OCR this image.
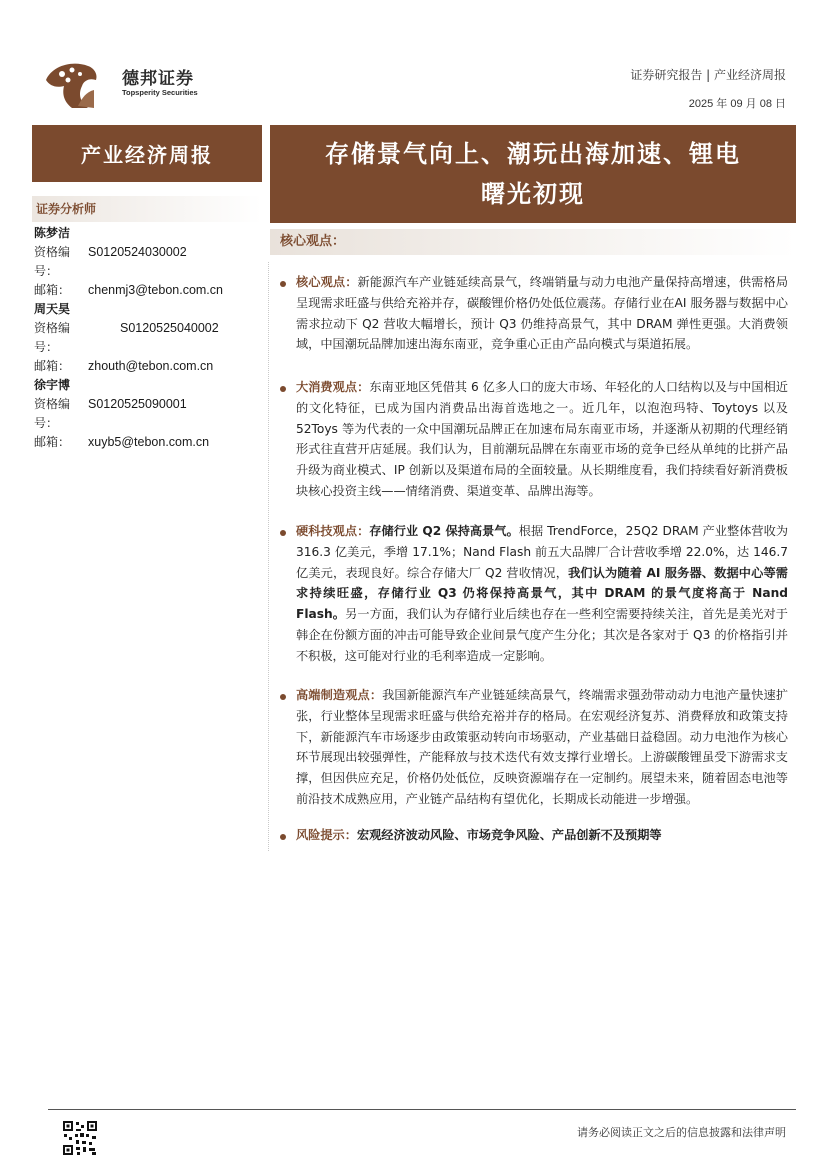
德邦证券
Topsperity Securities
证券研究报告 | 产业经济周报
2025 年 09 月 08 日
产业经济周报	存储景气向上、潮玩出海加速、锂电
曙光初现
证券分析师
陈梦洁
资格编号：
S0120524030002
邮箱：	chenmj3@tebon.com.cn
周天昊
资格编号：
S0120525040002
邮箱：	zhouth@tebon.com.cn
徐宇博
资格编号：
S0120525090001
邮箱：	xuyb5@tebon.com.cn
核心观点：
核心观点：新能源汽车产业链延续高景气，终端销量与动力电池产量保持高增速，供需格局呈现需求旺盛与供给充裕并存，碳酸锂价格仍处低位震荡。存储行业在AI 服务器与数据中心需求拉动下 Q2 营收大幅增长，预计 Q3 仍维持高景气，其中 DRAM 弹性更强。大消费领域，中国潮玩品牌加速出海东南亚，竞争重心正由产品向模式与渠道拓展。
大消费观点：东南亚地区凭借其 6 亿多人口的庞大市场、年轻化的人口结构以及与中国相近的文化特征，已成为国内消费品出海首选地之一。近几年，以泡泡玛特、Toytoys 以及 52Toys 等为代表的一众中国潮玩品牌正在加速布局东南亚市场，并逐渐从初期的代理经销形式往直营开店延展。我们认为，目前潮玩品牌在东南亚市场的竞争已经从单纯的比拼产品升级为商业模式、IP 创新以及渠道布局的全面较量。从长期维度看，我们持续看好新消费板块核心投资主线——情绪消费、渠道变革、品牌出海等。
硬科技观点：存储行业 Q2 保持高景气。根据 TrendForce，25Q2 DRAM 产业整体营收为 316.3 亿美元，季增 17.1%；Nand Flash 前五大品牌厂合计营收季增 22.0%，达 146.7 亿美元，表现良好。综合存储大厂 Q2 营收情况，我们认为随着 AI 服务器、数据中心等需求持续旺盛，存储行业 Q3 仍将保持高景气，其中 DRAM 的景气度将高于 Nand Flash。另一方面，我们认为存储行业后续也存在一些利空需要持续关注，首先是美光对于韩企在份额方面的冲击可能导致企业间景气度产生分化；其次是各家对于 Q3 的价格指引并不积极，这可能对行业的毛利率造成一定影响。
高端制造观点：我国新能源汽车产业链延续高景气，终端需求强劲带动动力电池产量快速扩张，行业整体呈现需求旺盛与供给充裕并存的格局。在宏观经济复苏、消费释放和政策支持下，新能源汽车市场逐步由政策驱动转向市场驱动，产业基础日益稳固。动力电池作为核心环节展现出较强弹性，产能释放与技术迭代有效支撑行业增长。上游碳酸锂虽受下游需求支撑，但因供应充足，价格仍处低位，反映资源端存在一定制约。展望未来，随着固态电池等前沿技术成熟应用，产业链产品结构有望优化，长期成长动能进一步增强。
风险提示：宏观经济波动风险、市场竞争风险、产品创新不及预期等
请务必阅读正文之后的信息披露和法律声明
